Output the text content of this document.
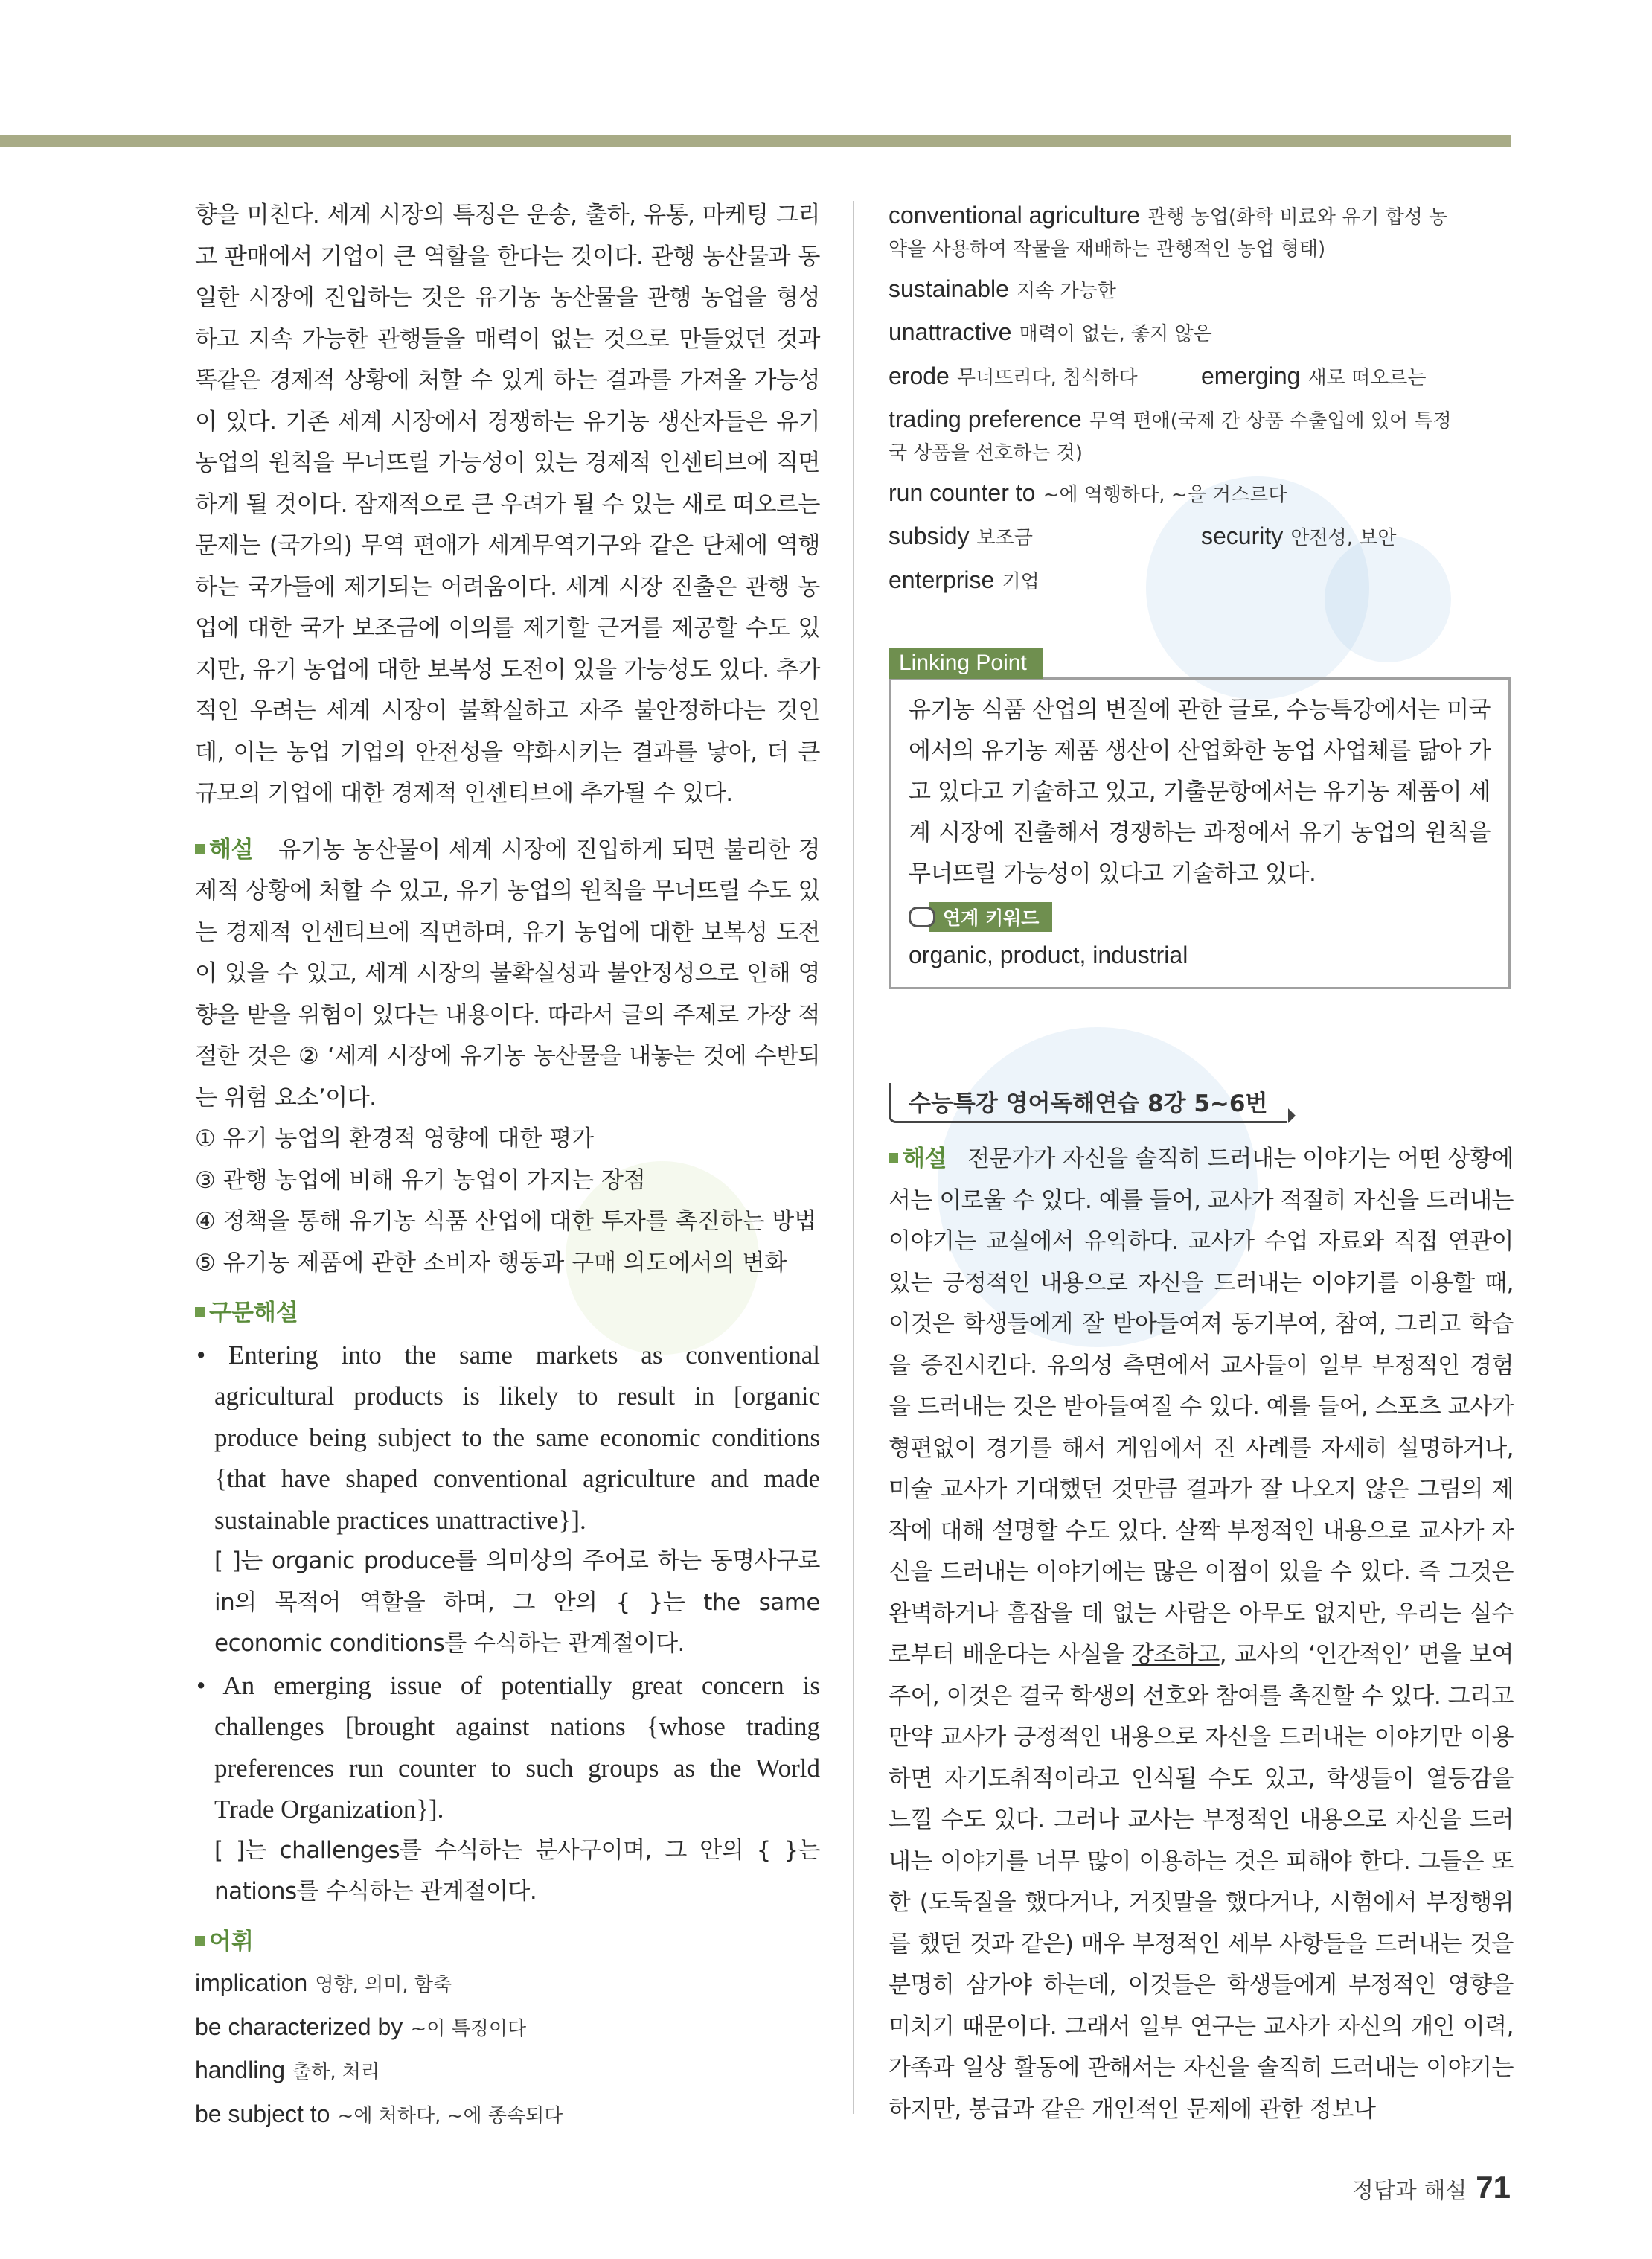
향을 미친다. 세계 시장의 특징은 운송, 출하, 유통, 마케팅 그리고 판매에서 기업이 큰 역할을 한다는 것이다. 관행 농산물과 동일한 시장에 진입하는 것은 유기농 농산물을 관행 농업을 형성하고 지속 가능한 관행들을 매력이 없는 것으로 만들었던 것과 똑같은 경제적 상황에 처할 수 있게 하는 결과를 가져올 가능성이 있다. 기존 세계 시장에서 경쟁하는 유기농 생산자들은 유기농업의 원칙을 무너뜨릴 가능성이 있는 경제적 인센티브에 직면하게 될 것이다. 잠재적으로 큰 우려가 될 수 있는 새로 떠오르는 문제는 (국가의) 무역 편애가 세계무역기구와 같은 단체에 역행하는 국가들에 제기되는 어려움이다. 세계 시장 진출은 관행 농업에 대한 국가 보조금에 이의를 제기할 근거를 제공할 수도 있지만, 유기 농업에 대한 보복성 도전이 있을 가능성도 있다. 추가적인 우려는 세계 시장이 불확실하고 자주 불안정하다는 것인데, 이는 농업 기업의 안전성을 약화시키는 결과를 낳아, 더 큰 규모의 기업에 대한 경제적 인센티브에 추가될 수 있다.

해설 유기농 농산물이 세계 시장에 진입하게 되면 불리한 경제적 상황에 처할 수 있고, 유기 농업의 원칙을 무너뜨릴 수도 있는 경제적 인센티브에 직면하며, 유기 농업에 대한 보복성 도전이 있을 수 있고, 세계 시장의 불확실성과 불안정성으로 인해 영향을 받을 위험이 있다는 내용이다. 따라서 글의 주제로 가장 적절한 것은 ② ‘세계 시장에 유기농 농산물을 내놓는 것에 수반되는 위험 요소’이다.

① 유기 농업의 환경적 영향에 대한 평가

③ 관행 농업에 비해 유기 농업이 가지는 장점

④ 정책을 통해 유기농 식품 산업에 대한 투자를 촉진하는 방법

⑤ 유기농 제품에 관한 소비자 행동과 구매 의도에서의 변화

구문해설

• Entering into the same markets as conventional agricultural products is likely to result in [organic produce being subject to the same economic conditions {that have shaped conventional agriculture and made sustainable practices unattractive}].

[ ]는 organic produce를 의미상의 주어로 하는 동명사구로 in의 목적어 역할을 하며, 그 안의 { }는 the same economic conditions를 수식하는 관계절이다.

• An emerging issue of potentially great concern is challenges [brought against nations {whose trading preferences run counter to such groups as the World Trade Organization}].

[ ]는 challenges를 수식하는 분사구이며, 그 안의 { }는 nations를 수식하는 관계절이다.

어휘

implication 영향, 의미, 함축

be characterized by ~이 특징이다

handling 출하, 처리

be subject to ~에 처하다, ~에 종속되다

conventional agriculture 관행 농업(화학 비료와 유기 합성 농

약을 사용하여 작물을 재배하는 관행적인 농업 형태)

sustainable 지속 가능한

unattractive 매력이 없는, 좋지 않은

erode 무너뜨리다, 침식하다	emerging 새로 떠오르는

trading preference 무역 편애(국제 간 상품 수출입에 있어 특정

국 상품을 선호하는 것)

run counter to ~에 역행하다, ~을 거스르다

subsidy 보조금	security 안전성, 보안

enterprise 기업

Linking Point

유기농 식품 산업의 변질에 관한 글로, 수능특강에서는 미국에서의 유기농 제품 생산이 산업화한 농업 사업체를 닮아 가고 있다고 기술하고 있고, 기출문항에서는 유기농 제품이 세계 시장에 진출해서 경쟁하는 과정에서 유기 농업의 원칙을 무너뜨릴 가능성이 있다고 기술하고 있다.

연계 키워드
organic, product, industrial
수능특강 영어독해연습 8강 5~6번

해설 전문가가 자신을 솔직히 드러내는 이야기는 어떤 상황에서는 이로울 수 있다. 예를 들어, 교사가 적절히 자신을 드러내는 이야기는 교실에서 유익하다. 교사가 수업 자료와 직접 연관이 있는 긍정적인 내용으로 자신을 드러내는 이야기를 이용할 때, 이것은 학생들에게 잘 받아들여져 동기부여, 참여, 그리고 학습을 증진시킨다. 유의성 측면에서 교사들이 일부 부정적인 경험을 드러내는 것은 받아들여질 수 있다. 예를 들어, 스포츠 교사가 형편없이 경기를 해서 게임에서 진 사례를 자세히 설명하거나, 미술 교사가 기대했던 것만큼 결과가 잘 나오지 않은 그림의 제작에 대해 설명할 수도 있다. 살짝 부정적인 내용으로 교사가 자신을 드러내는 이야기에는 많은 이점이 있을 수 있다. 즉 그것은 완벽하거나 흠잡을 데 없는 사람은 아무도 없지만, 우리는 실수로부터 배운다는 사실을 강조하고, 교사의 ‘인간적인’ 면을 보여 주어, 이것은 결국 학생의 선호와 참여를 촉진할 수 있다. 그리고 만약 교사가 긍정적인 내용으로 자신을 드러내는 이야기만 이용하면 자기도취적이라고 인식될 수도 있고, 학생들이 열등감을 느낄 수도 있다. 그러나 교사는 부정적인 내용으로 자신을 드러내는 이야기를 너무 많이 이용하는 것은 피해야 한다. 그들은 또한 (도둑질을 했다거나, 거짓말을 했다거나, 시험에서 부정행위를 했던 것과 같은) 매우 부정적인 세부 사항들을 드러내는 것을 분명히 삼가야 하는데, 이것들은 학생들에게 부정적인 영향을 미치기 때문이다. 그래서 일부 연구는 교사가 자신의 개인 이력, 가족과 일상 활동에 관해서는 자신을 솔직히 드러내는 이야기는 하지만, 봉급과 같은 개인적인 문제에 관한 정보나

정답과 해설 71
